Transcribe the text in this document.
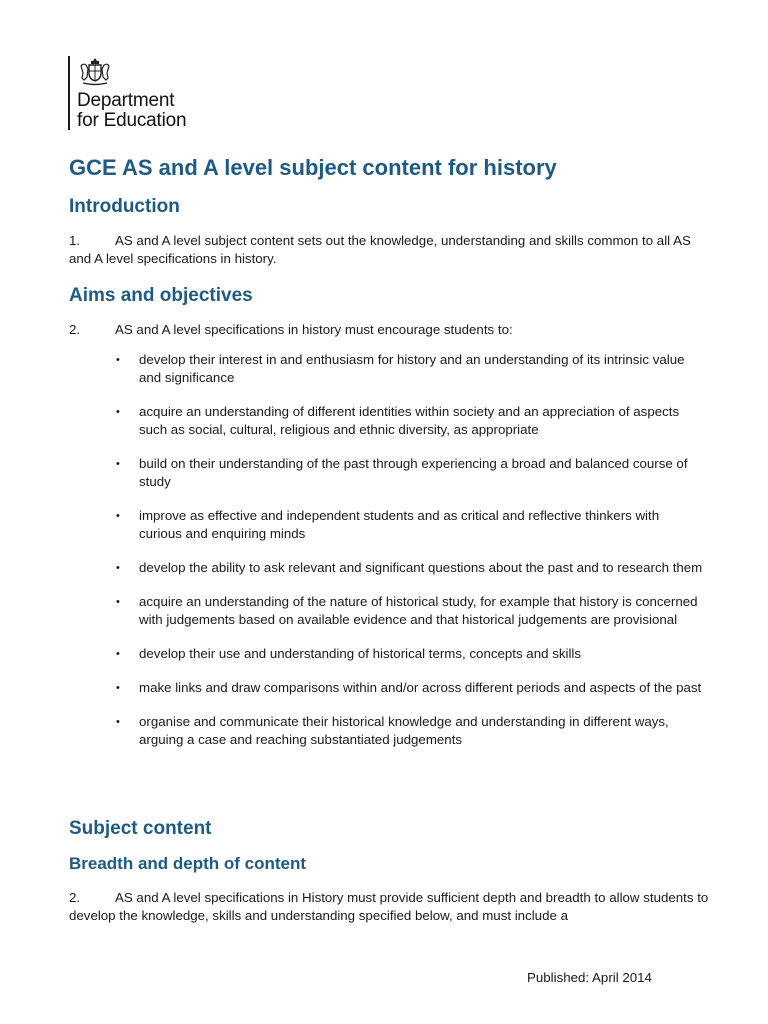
Department
for Education
GCE AS and A level subject content for history
Introduction

1.	AS and A level subject content sets out the knowledge, understanding and skills common to all AS and A level specifications in history.

Aims and objectives

2.	AS and A level specifications in history must encourage students to:

• develop their interest in and enthusiasm for history and an understanding of its intrinsic value and significance
• acquire an understanding of different identities within society and an appreciation of aspects such as social, cultural, religious and ethnic diversity, as appropriate
• build on their understanding of the past through experiencing a broad and balanced course of study
• improve as effective and independent students and as critical and reflective thinkers with curious and enquiring minds
• develop the ability to ask relevant and significant questions about the past and to research them
• acquire an understanding of the nature of historical study, for example that history is concerned with judgements based on available evidence and that historical judgements are provisional
• develop their use and understanding of historical terms, concepts and skills
• make links and draw comparisons within and/or across different periods and aspects of the past
• organise and communicate their historical knowledge and understanding in different ways, arguing a case and reaching substantiated judgements
Subject content
Breadth and depth of content

2.	AS and A level specifications in History must provide sufficient depth and breadth to allow students to develop the knowledge, skills and understanding specified below, and must include a

Published: April 2014
